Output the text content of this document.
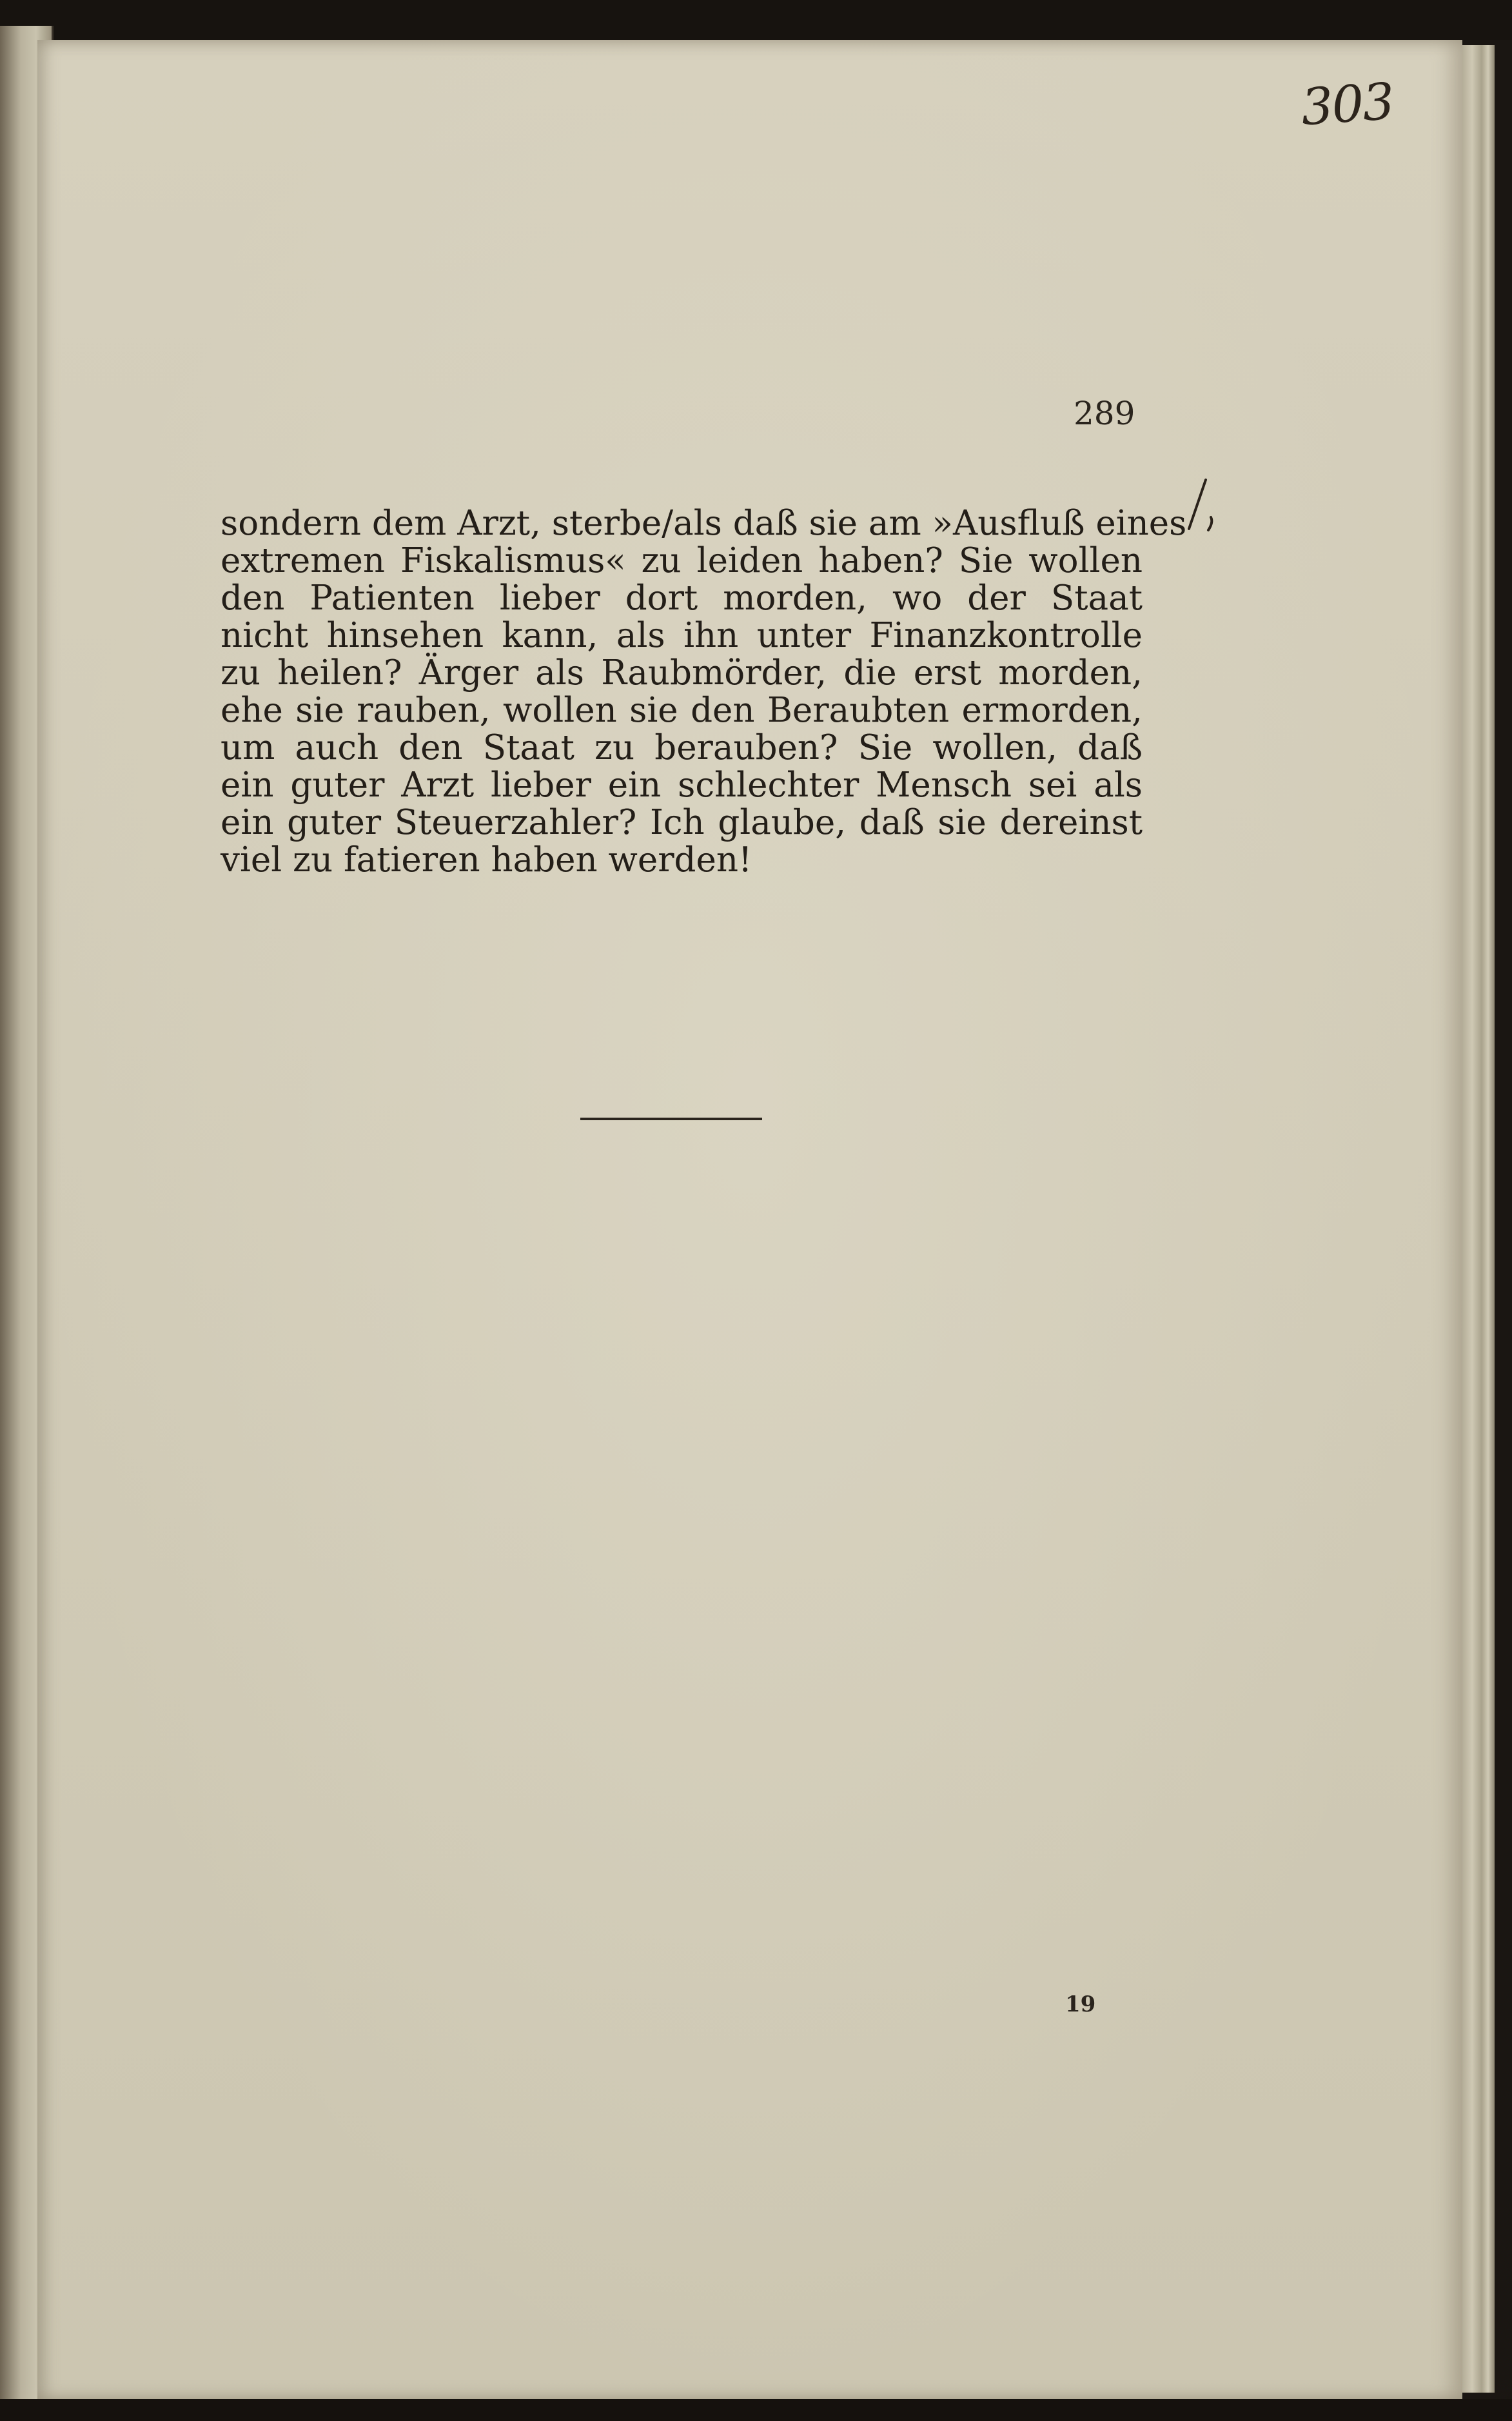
303
289
sondern dem Arzt, sterbe/als daß sie am »Ausfluß eines
extremen Fiskalismus« zu leiden haben? Sie wollen
den Patienten lieber dort morden, wo der Staat
nicht hinsehen kann, als ihn unter Finanzkontrolle
zu heilen? Ärger als Raubmörder, die erst morden,
ehe sie rauben, wollen sie den Beraubten ermorden,
um auch den Staat zu berauben? Sie wollen, daß
ein guter Arzt lieber ein schlechter Mensch sei als
ein guter Steuerzahler? Ich glaube, daß sie dereinst
viel zu fatieren haben werden!
19
